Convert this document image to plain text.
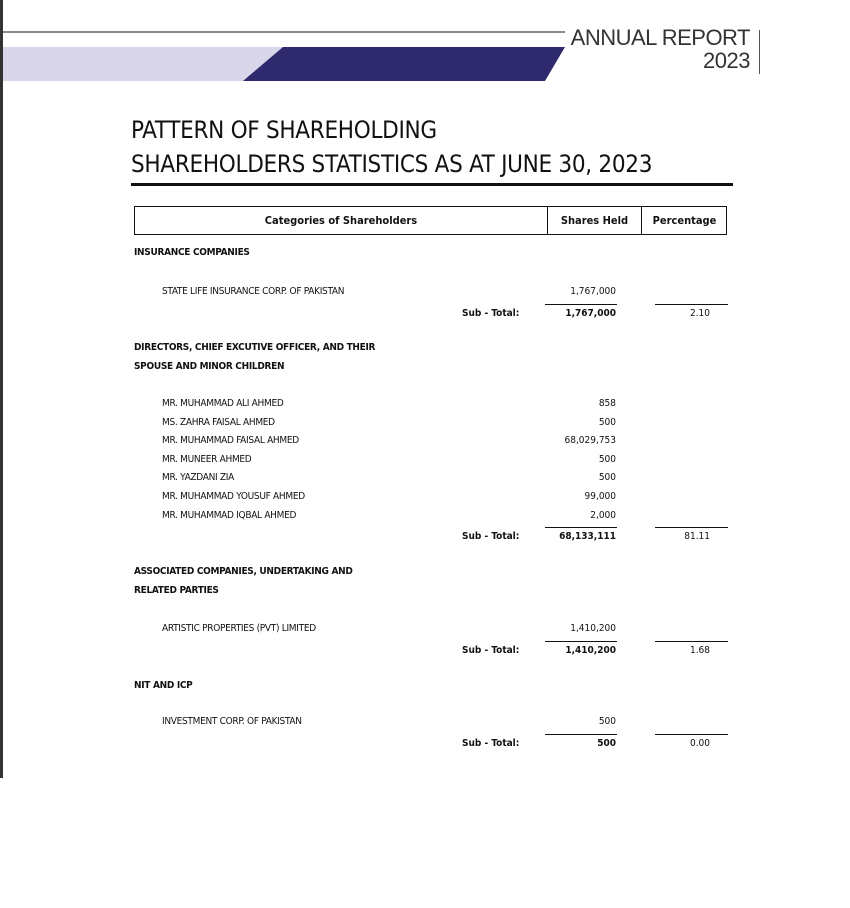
ANNUAL REPORT
2023
PATTERN OF SHAREHOLDING
SHAREHOLDERS STATISTICS AS AT JUNE 30, 2023
Categories of Shareholders	Shares Held	Percentage
INSURANCE COMPANIES
STATE LIFE INSURANCE CORP. OF PAKISTAN	1,767,000
Sub - Total:	1,767,000	2.10
DIRECTORS, CHIEF EXCUTIVE OFFICER, AND THEIR
SPOUSE AND MINOR CHILDREN
MR. MUHAMMAD ALI AHMED	858
MS. ZAHRA FAISAL AHMED	500
MR. MUHAMMAD FAISAL AHMED	68,029,753
MR. MUNEER AHMED	500
MR. YAZDANI ZIA	500
MR. MUHAMMAD YOUSUF AHMED	99,000
MR. MUHAMMAD IQBAL AHMED	2,000
Sub - Total:	68,133,111	81.11
ASSOCIATED COMPANIES, UNDERTAKING AND
RELATED PARTIES
ARTISTIC PROPERTIES (PVT) LIMITED	1,410,200
Sub - Total:	1,410,200	1.68
NIT AND ICP
INVESTMENT CORP. OF PAKISTAN	500
Sub - Total:	500	0.00
